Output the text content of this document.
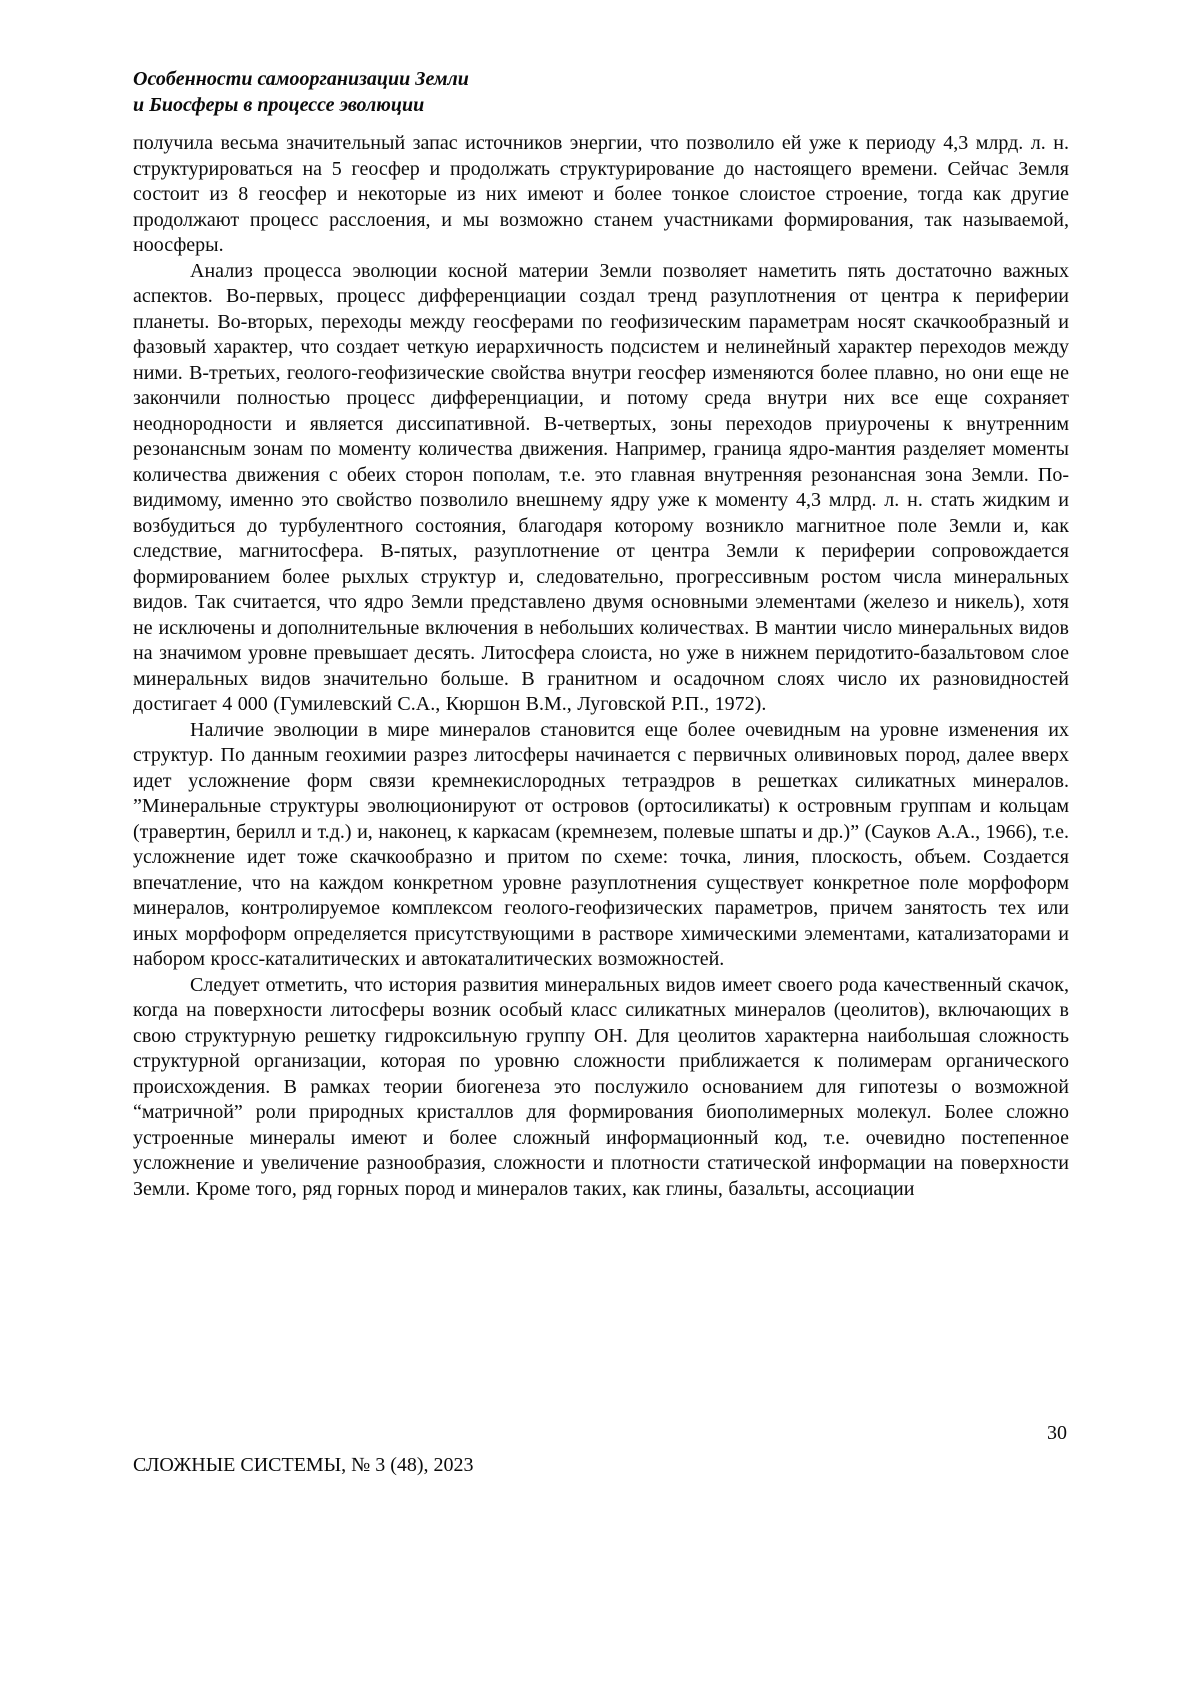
Особенности самоорганизации Земли
и Биосферы в процессе эволюции

получила весьма значительный запас источников энергии, что позволило ей уже к периоду 4,3 млрд. л. н. структурироваться на 5 геосфер и продолжать структурирование до настоящего времени. Сейчас Земля состоит из 8 геосфер и некоторые из них имеют и более тонкое слоистое строение, тогда как другие продолжают процесс расслоения, и мы возможно станем участниками формирования, так называемой, ноосферы.

Анализ процесса эволюции косной материи Земли позволяет наметить пять достаточно важных аспектов. Во-первых, процесс дифференциации создал тренд разуплотнения от центра к периферии планеты. Во-вторых, переходы между геосферами по геофизическим параметрам носят скачкообразный и фазовый характер, что создает четкую иерархичность подсистем и нелинейный характер переходов между ними. В-третьих, геолого-геофизические свойства внутри геосфер изменяются более плавно, но они еще не закончили полностью процесс дифференциации, и потому среда внутри них все еще сохраняет неоднородности и является диссипативной. В-четвертых, зоны переходов приурочены к внутренним резонансным зонам по моменту количества движения. Например, граница ядро-мантия разделяет моменты количества движения с обеих сторон пополам, т.е. это главная внутренняя резонансная зона Земли. По-видимому, именно это свойство позволило внешнему ядру уже к моменту 4,3 млрд. л. н. стать жидким и возбудиться до турбулентного состояния, благодаря которому возникло магнитное поле Земли и, как следствие, магнитосфера. В-пятых, разуплотнение от центра Земли к периферии сопровождается формированием более рыхлых структур и, следовательно, прогрессивным ростом числа минеральных видов. Так считается, что ядро Земли представлено двумя основными элементами (железо и никель), хотя не исключены и дополнительные включения в небольших количествах. В мантии число минеральных видов на значимом уровне превышает десять. Литосфера слоиста, но уже в нижнем перидотито-базальтовом слое минеральных видов значительно больше. В гранитном и осадочном слоях число их разновидностей достигает 4 000 (Гумилевский С.А., Кюршон В.М., Луговской Р.П., 1972).

Наличие эволюции в мире минералов становится еще более очевидным на уровне изменения их структур. По данным геохимии разрез литосферы начинается с первичных оливиновых пород, далее вверх идет усложнение форм связи кремнекислородных тетраэдров в решетках силикатных минералов. ”Минеральные структуры эволюционируют от островов (ортосиликаты) к островным группам и кольцам (травертин, берилл и т.д.) и, наконец, к каркасам (кремнезем, полевые шпаты и др.)” (Сауков А.А., 1966), т.е. усложнение идет тоже скачкообразно и притом по схеме: точка, линия, плоскость, объем. Создается впечатление, что на каждом конкретном уровне разуплотнения существует конкретное поле морфоформ минералов, контролируемое комплексом геолого-геофизических параметров, причем занятость тех или иных морфоформ определяется присутствующими в растворе химическими элементами, катализаторами и набором кросс-каталитических и автокаталитических возможностей.

Следует отметить, что история развития минеральных видов имеет своего рода качественный скачок, когда на поверхности литосферы возник особый класс силикатных минералов (цеолитов), включающих в свою структурную решетку гидроксильную группу ОН. Для цеолитов характерна наибольшая сложность структурной организации, которая по уровню сложности приближается к полимерам органического происхождения. В рамках теории биогенеза это послужило основанием для гипотезы о возможной “матричной” роли природных кристаллов для формирования биополимерных молекул. Более сложно устроенные минералы имеют и более сложный информационный код, т.е. очевидно постепенное усложнение и увеличение разнообразия, сложности и плотности статической информации на поверхности Земли. Кроме того, ряд горных пород и минералов таких, как глины, базальты, ассоциации

30
СЛОЖНЫЕ СИСТЕМЫ, № 3 (48), 2023
